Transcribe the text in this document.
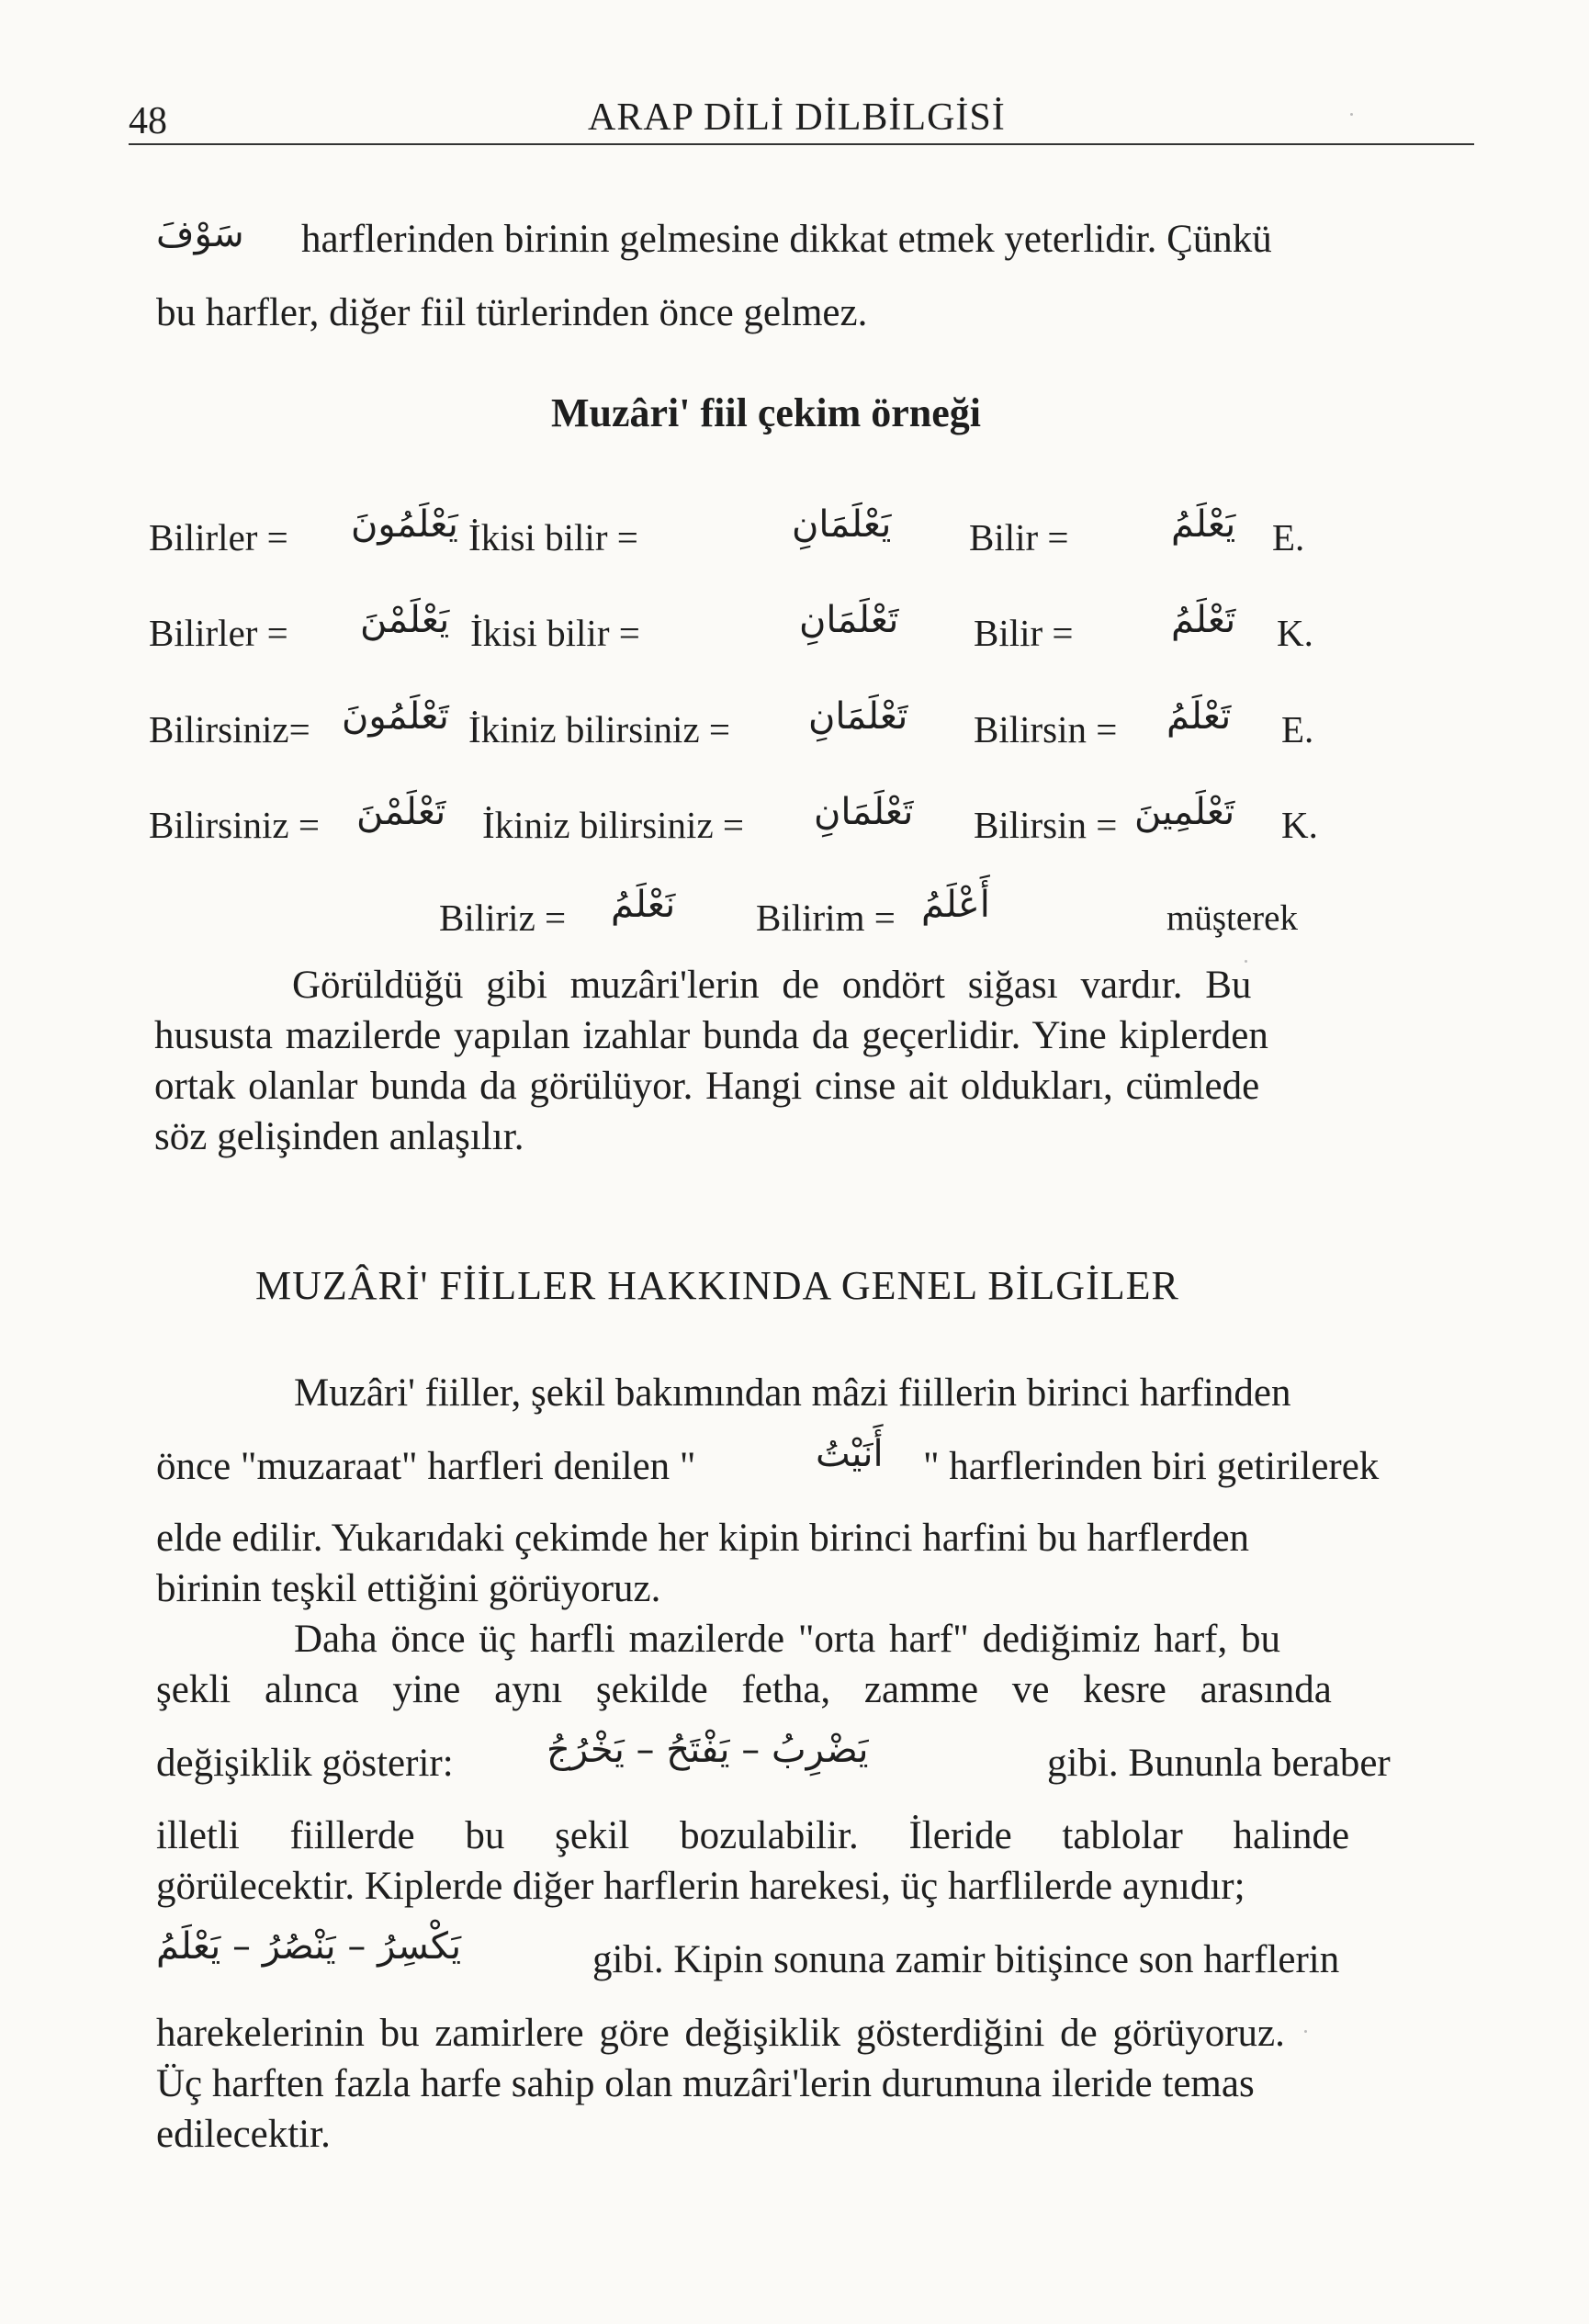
48	ARAP DİLİ DİLBİLGİSİ
سَوْفَ harflerinden birinin gelmesine dikkat etmek yeterlidir. Çünkü
bu harfler, diğer fiil türlerinden önce gelmez.
Muzâri' fiil çekim örneği
Bilirler = يَعْلَمُونَ İkisi bilir =	يَعْلَمَانِ Bilir =	يَعْلَمُ E.
Bilirler = يَعْلَمْنَ İkisi bilir =	تَعْلَمَانِ Bilir =	تَعْلَمُ K.
Bilirsiniz= تَعْلَمُونَ İkiniz bilirsiniz = تَعْلَمَانِ Bilirsin = تَعْلَمُ E.
Bilirsiniz = تَعْلَمْنَ İkiniz bilirsiniz = تَعْلَمَانِ Bilirsin = تَعْلَمِينَ K.
Biliriz = نَعْلَمُ Bilirim = أَعْلَمُ	müşterek
Görüldüğü gibi muzâri'lerin de ondört siğası vardır. Bu
hususta mazilerde yapılan izahlar bunda da geçerlidir. Yine kiplerden
ortak olanlar bunda da görülüyor. Hangi cinse ait oldukları, cümlede
söz gelişinden anlaşılır.
MUZÂRİ' FİİLLER HAKKINDA GENEL BİLGİLER
Muzâri' fiiller, şekil bakımından mâzi fiillerin birinci harfinden
önce "muzaraat" harfleri denilen "	أَنَيْتُ " harflerinden biri getirilerek
elde edilir. Yukarıdaki çekimde her kipin birinci harfini bu harflerden
birinin teşkil ettiğini görüyoruz.
Daha önce üç harfli mazilerde "orta harf" dediğimiz harf, bu
şekli alınca yine aynı şekilde fetha, zamme ve kesre arasında
değişiklik gösterir:	يَضْرِبُ – يَفْتَحُ – يَخْرُجُ	gibi. Bununla beraber
illetli fiillerde bu şekil bozulabilir. İleride tablolar halinde
görülecektir. Kiplerde diğer harflerin harekesi, üç harflilerde aynıdır;
يَكْسِرُ – يَنْصُرُ – يَعْلَمُ	gibi. Kipin sonuna zamir bitişince son harflerin
harekelerinin bu zamirlere göre değişiklik gösterdiğini de görüyoruz.
Üç harften fazla harfe sahip olan muzâri'lerin durumuna ileride temas
edilecektir.
